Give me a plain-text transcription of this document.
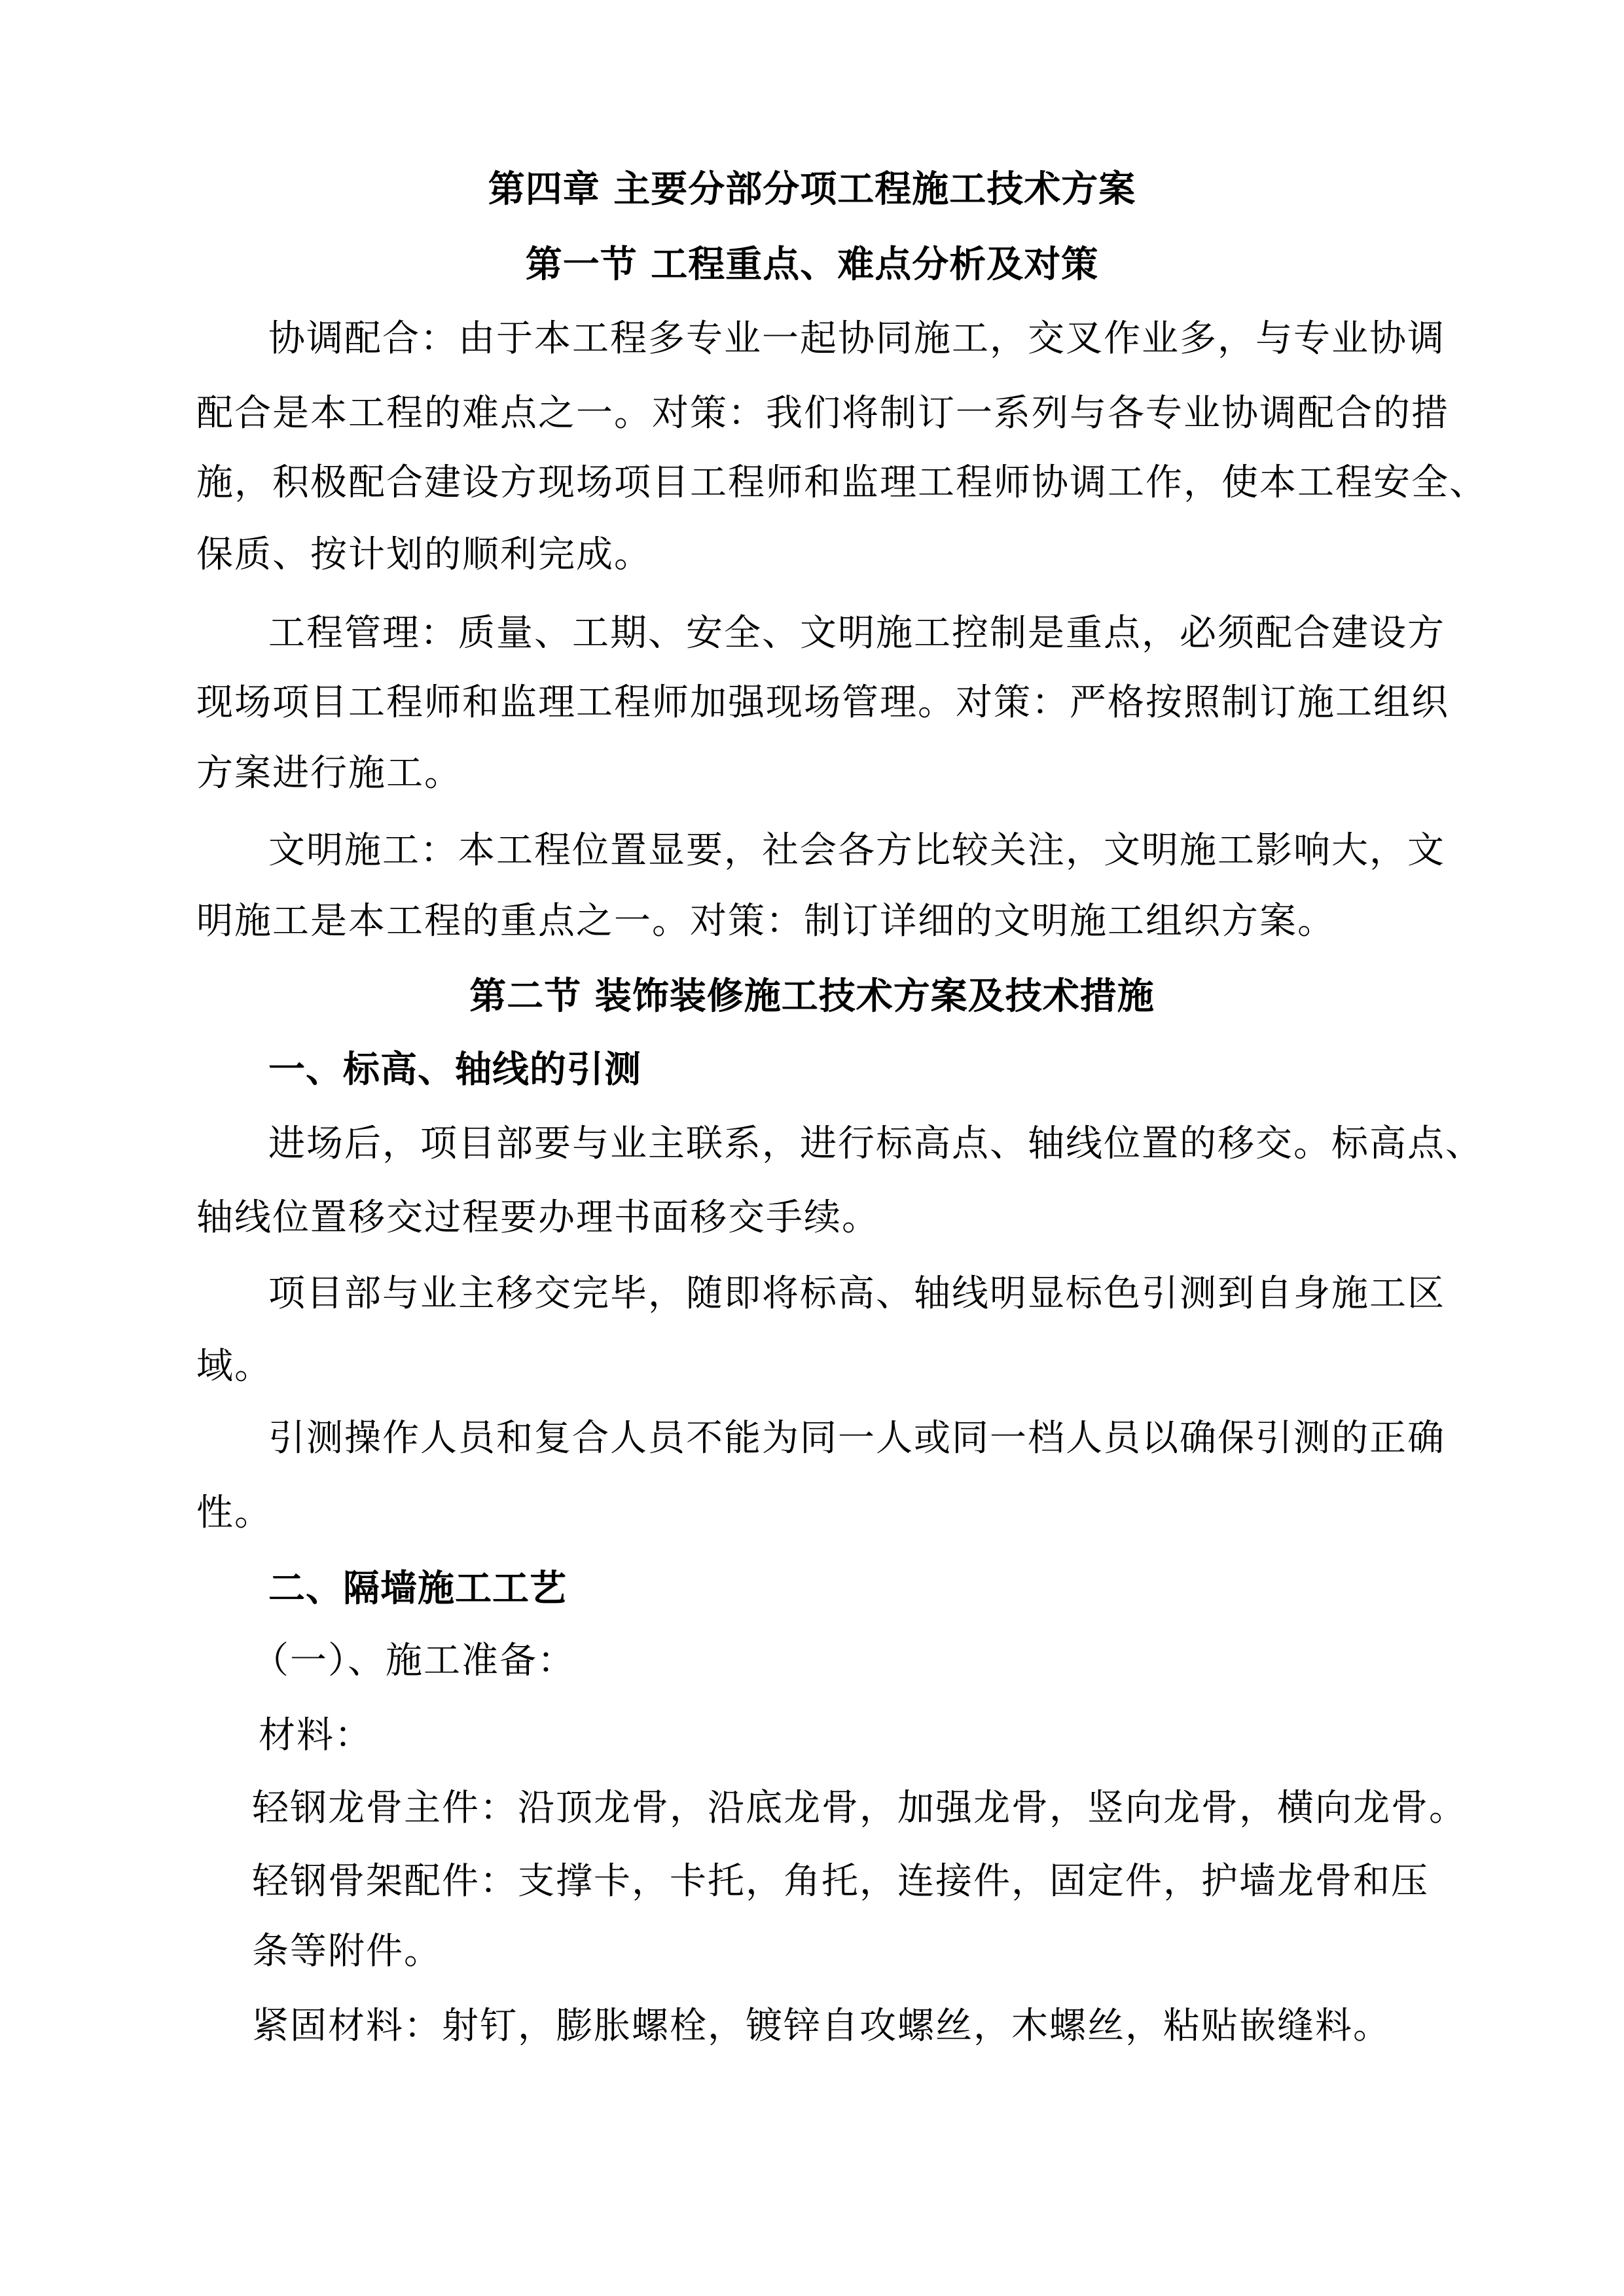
第四章 主要分部分项工程施工技术方案
第一节 工程重点、难点分析及对策
协调配合：由于本工程多专业一起协同施工，交叉作业多，与专业协调
配合是本工程的难点之一。对策：我们将制订一系列与各专业协调配合的措
施，积极配合建设方现场项目工程师和监理工程师协调工作，使本工程安全、
保质、按计划的顺利完成。
工程管理：质量、工期、安全、文明施工控制是重点，必须配合建设方
现场项目工程师和监理工程师加强现场管理。对策：严格按照制订施工组织
方案进行施工。
文明施工：本工程位置显要，社会各方比较关注，文明施工影响大，文
明施工是本工程的重点之一。对策：制订详细的文明施工组织方案。
第二节 装饰装修施工技术方案及技术措施
一、标高、轴线的引测
进场后，项目部要与业主联系，进行标高点、轴线位置的移交。标高点、
轴线位置移交过程要办理书面移交手续。
项目部与业主移交完毕，随即将标高、轴线明显标色引测到自身施工区
域。
引测操作人员和复合人员不能为同一人或同一档人员以确保引测的正确
性。
二、隔墙施工工艺
（一）、施工准备：
材料：
轻钢龙骨主件：沿顶龙骨，沿底龙骨，加强龙骨，竖向龙骨，横向龙骨。
轻钢骨架配件：支撑卡，卡托，角托，连接件，固定件，护墙龙骨和压
条等附件。
紧固材料：射钉，膨胀螺栓，镀锌自攻螺丝，木螺丝，粘贴嵌缝料。
